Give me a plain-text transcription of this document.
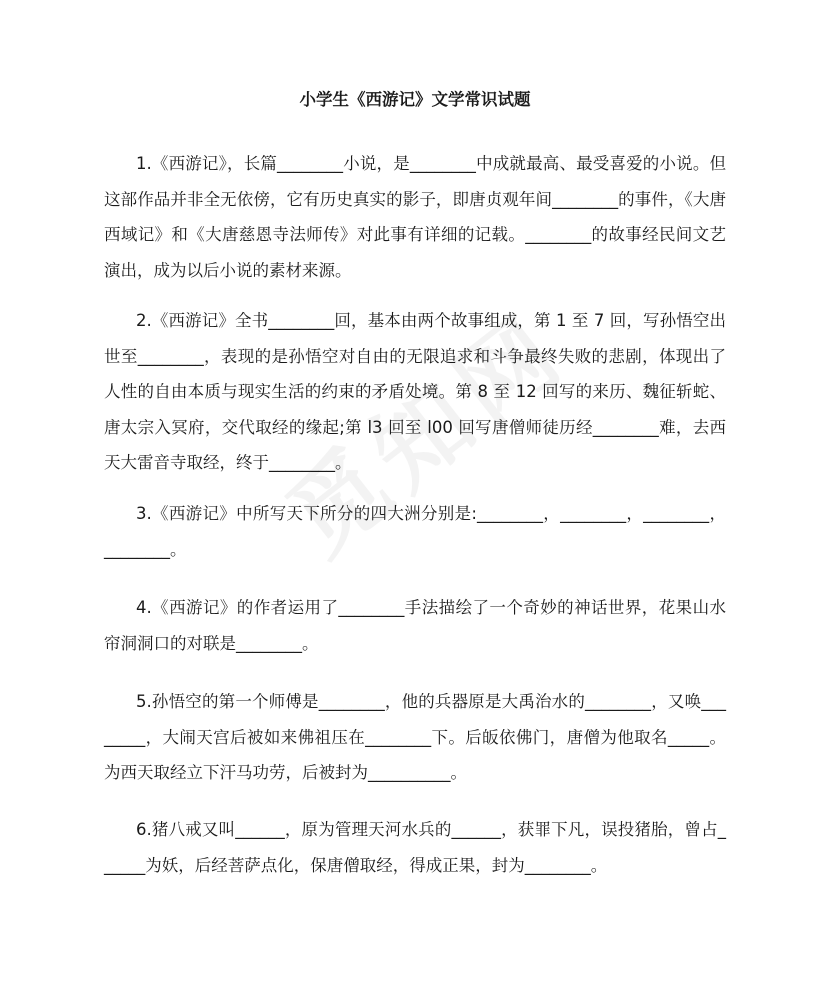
小学生《西游记》文学常识试题

1.《西游记》，长篇________小说，是________中成就最高、最受喜爱的小说。但这部作品并非全无依傍，它有历史真实的影子，即唐贞观年间________的事件，《大唐西域记》和《大唐慈恩寺法师传》对此事有详细的记载。________的故事经民间文艺演出，成为以后小说的素材来源。

2.《西游记》全书________回，基本由两个故事组成，第 1 至 7 回，写孙悟空出世至________，表现的是孙悟空对自由的无限追求和斗争最终失败的悲剧，体现出了人性的自由本质与现实生活的约束的矛盾处境。第 8 至 12 回写的来历、魏征斩蛇、唐太宗入冥府，交代取经的缘起;第 l3 回至 l00 回写唐僧师徒历经________难，去西天大雷音寺取经，终于________。

3.《西游记》中所写天下所分的四大洲分别是:________，________，________，________。

4.《西游记》的作者运用了________手法描绘了一个奇妙的神话世界，花果山水帘洞洞口的对联是________。

5.孙悟空的第一个师傅是________，他的兵器原是大禹治水的________，又唤________，大闹天宫后被如来佛祖压在________下。后皈依佛门，唐僧为他取名_____。为西天取经立下汗马功劳，后被封为__________。

6.猪八戒又叫______，原为管理天河水兵的______，获罪下凡，误投猪胎，曾占______为妖，后经菩萨点化，保唐僧取经，得成正果，封为________。
